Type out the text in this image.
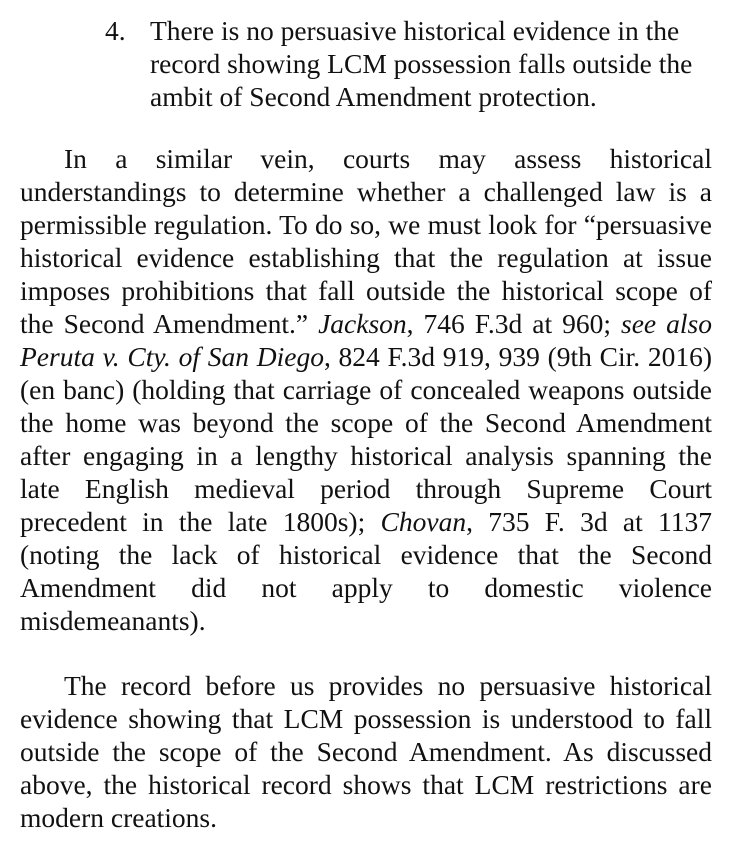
4. There is no persuasive historical evidence in the record showing LCM possession falls outside the ambit of Second Amendment protection.

In a similar vein, courts may assess historical understandings to determine whether a challenged law is a permissible regulation. To do so, we must look for “persuasive historical evidence establishing that the regulation at issue imposes prohibitions that fall outside the historical scope of the Second Amendment.” Jackson, 746 F.3d at 960; see also Peruta v. Cty. of San Diego, 824 F.3d 919, 939 (9th Cir. 2016) (en banc) (holding that carriage of concealed weapons outside the home was beyond the scope of the Second Amendment after engaging in a lengthy historical analysis spanning the late English medieval period through Supreme Court precedent in the late 1800s); Chovan, 735 F. 3d at 1137 (noting the lack of historical evidence that the Second Amendment did not apply to domestic violence misdemeanants).

The record before us provides no persuasive historical evidence showing that LCM possession is understood to fall outside the scope of the Second Amendment. As discussed above, the historical record shows that LCM restrictions are modern creations.
